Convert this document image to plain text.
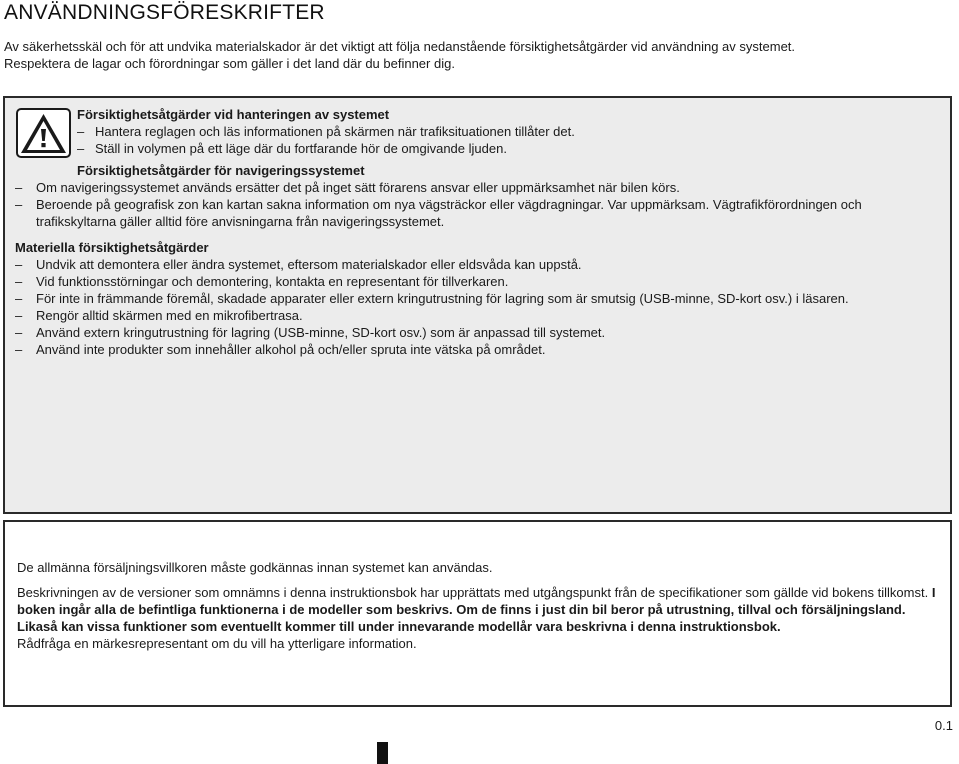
ANVÄNDNINGSFÖRESKRIFTER

Av säkerhetsskäl och för att undvika materialskador är det viktigt att följa nedanstående försiktighetsåtgärder vid användning av systemet.

Respektera de lagar och förordningar som gäller i det land där du befinner dig.

Försiktighetsåtgärder vid hanteringen av systemet

– Hantera reglagen och läs informationen på skärmen när trafiksituationen tillåter det.
– Ställ in volymen på ett läge där du fortfarande hör de omgivande ljuden.

Försiktighetsåtgärder för navigeringssystemet

– Om navigeringssystemet används ersätter det på inget sätt förarens ansvar eller uppmärksamhet när bilen körs.
– Beroende på geografisk zon kan kartan sakna information om nya vägsträckor eller vägdragningar. Var uppmärksam. Vägtrafikförordningen och trafikskyltarna gäller alltid före anvisningarna från navigeringssystemet.

Materiella försiktighetsåtgärder

– Undvik att demontera eller ändra systemet, eftersom materialskador eller eldsvåda kan uppstå.
– Vid funktionsstörningar och demontering, kontakta en representant för tillverkaren.
– För inte in främmande föremål, skadade apparater eller extern kringutrustning för lagring som är smutsig (USB-minne, SD-kort osv.) i läsaren.
– Rengör alltid skärmen med en mikrofibertrasa.
– Använd extern kringutrustning för lagring (USB-minne, SD-kort osv.) som är anpassad till systemet.
– Använd inte produkter som innehåller alkohol på och/eller spruta inte vätska på området.

De allmänna försäljningsvillkoren måste godkännas innan systemet kan användas.

Beskrivningen av de versioner som omnämns i denna instruktionsbok har upprättats med utgångspunkt från de specifikationer som gällde vid bokens tillkomst. I boken ingår alla de befintliga funktionerna i de modeller som beskrivs. Om de finns i just din bil beror på utrustning, tillval och försäljningsland. Likaså kan vissa funktioner som eventuellt kommer till under innevarande modellår vara beskrivna i denna instruktionsbok.

Rådfråga en märkesrepresentant om du vill ha ytterligare information.

0.1
